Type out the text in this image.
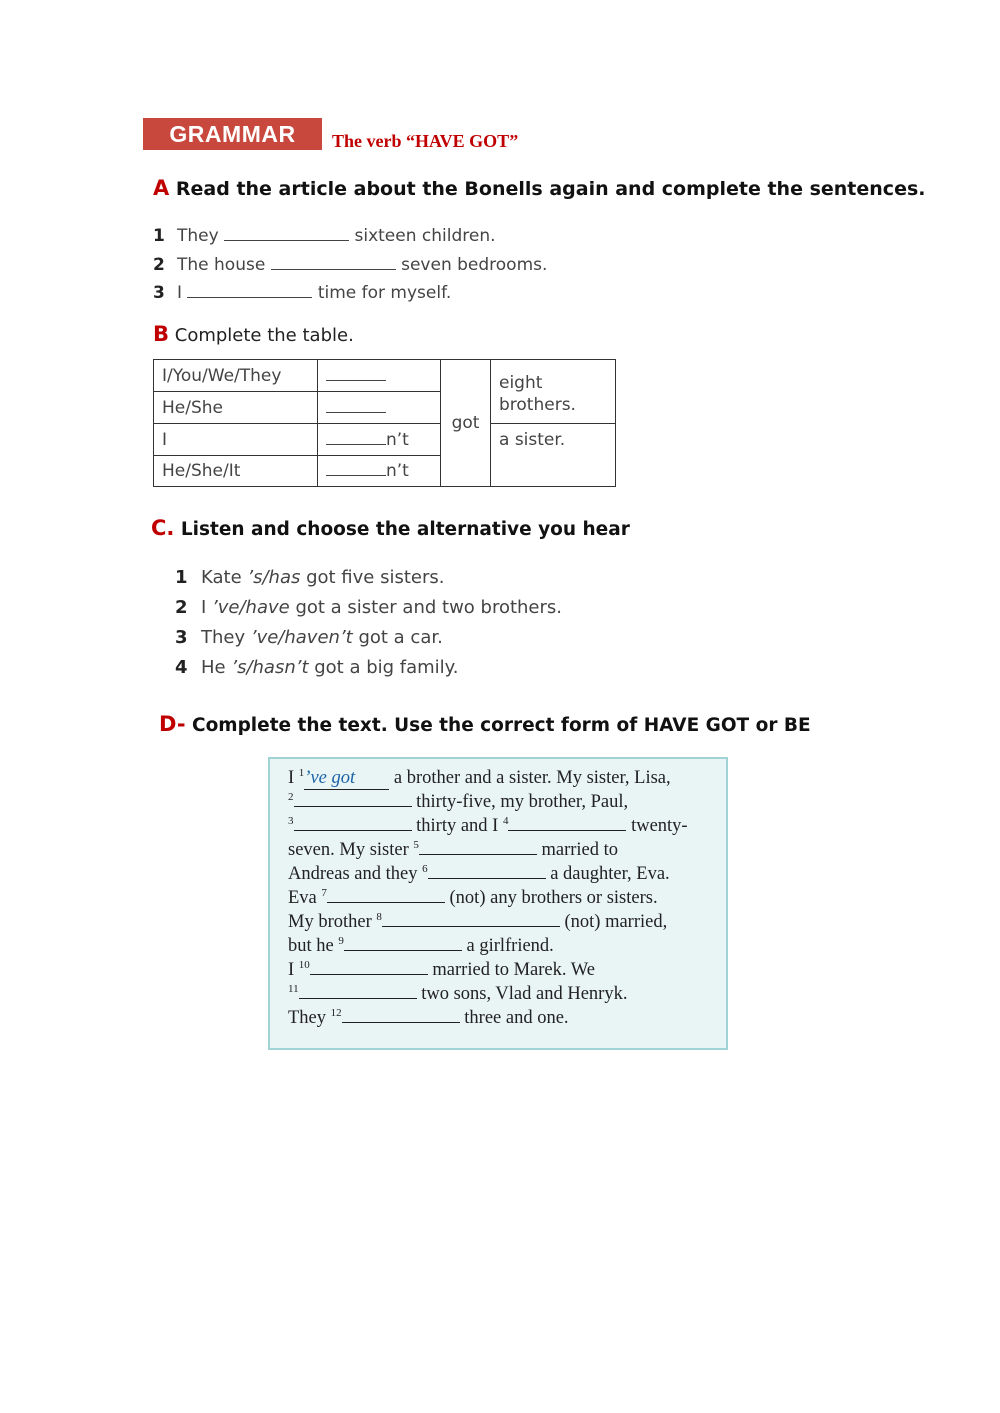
GRAMMAR	The verb “HAVE GOT”
A Read the article about the Bonells again and complete the sentences.
1 They	sixteen children.
2 The house	seven bedrooms.
3 I	time for myself.
B Complete the table.
I/You/We/They		got	eight brothers.
He/She			
I	n’t		a sister.
He/She/It	n’t		
C. Listen and choose the alternative you hear
1 Kate ’s/has got five sisters.
2 I ’ve/have got a sister and two brothers.
3 They ’ve/haven’t got a car.
4 He ’s/hasn’t got a big family.
D- Complete the text. Use the correct form of HAVE GOT or BE
I $^1$’ve got a brother and a sister. My sister, Lisa,
$^2$	thirty-five, my brother, Paul,
$^3$	thirty and I $^4$	twenty-
seven. My sister $^5$	married to
Andreas and they $^6$	a daughter, Eva.
Eva $^7$	(not) any brothers or sisters.
My brother $^8$	(not) married,
but he $^9$	a girlfriend.
I $^{10}$	married to Marek. We
$^{11}$	two sons, Vlad and Henryk.
They $^{12}$	three and one.
